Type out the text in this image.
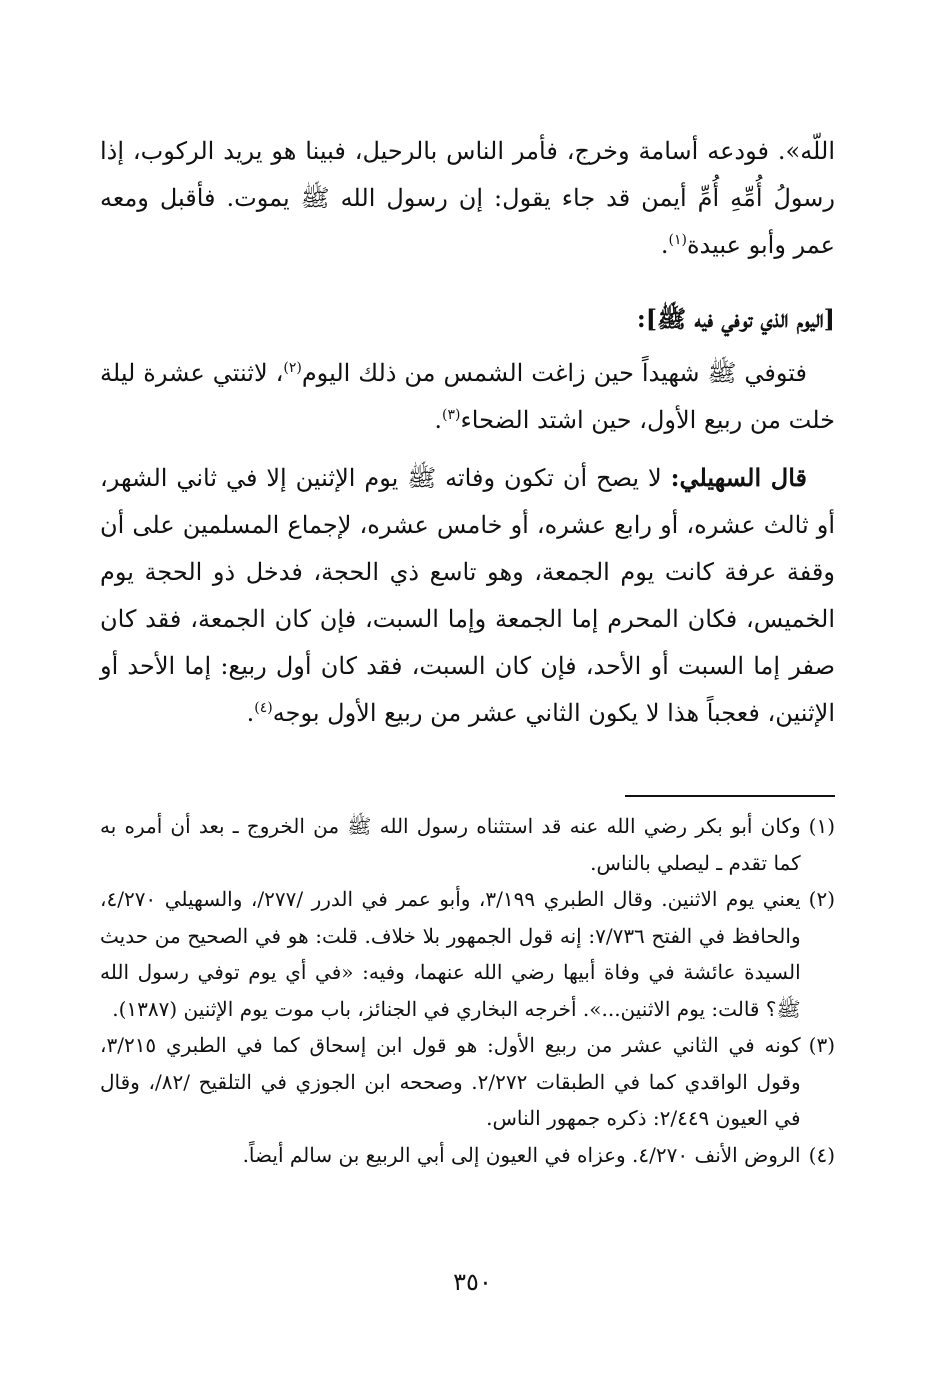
اللّه». فودعه أسامة وخرج، فأمر الناس بالرحيل، فبينا هو يريد الركوب، إذا رسولُ أُمِّهِ أُمِّ أيمن قد جاء يقول: إن رسول الله ﷺ يموت. فأقبل ومعه عمر وأبو عبيدة$^{(١)}$.

[اليوم الذي توفي فيه ﷺ]:

فتوفي ﷺ شهيداً حين زاغت الشمس من ذلك اليوم$^{(٢)}$، لاثنتي عشرة ليلة خلت من ربيع الأول، حين اشتد الضحاء$^{(٣)}$.

قال السهيلي: لا يصح أن تكون وفاته ﷺ يوم الإثنين إلا في ثاني الشهر، أو ثالث عشره، أو رابع عشره، أو خامس عشره، لإجماع المسلمين على أن وقفة عرفة كانت يوم الجمعة، وهو تاسع ذي الحجة، فدخل ذو الحجة يوم الخميس، فكان المحرم إما الجمعة وإما السبت، فإن كان الجمعة، فقد كان صفر إما السبت أو الأحد، فإن كان السبت، فقد كان أول ربيع: إما الأحد أو الإثنين، فعجباً هذا لا يكون الثاني عشر من ربيع الأول بوجه$^{(٤)}$.

(١)
وكان أبو بكر رضي الله عنه قد استثناه رسول الله ﷺ من الخروج ـ بعد أن أمره به كما تقدم ـ ليصلي بالناس.
(٢)
يعني يوم الاثنين. وقال الطبري ٣/١٩٩، وأبو عمر في الدرر /٢٧٧/، والسهيلي ٤/٢٧٠، والحافظ في الفتح ٧/٧٣٦: إنه قول الجمهور بلا خلاف. قلت: هو في الصحيح من حديث السيدة عائشة في وفاة أبيها رضي الله عنهما، وفيه: «في أي يوم توفي رسول الله ﷺ؟ قالت: يوم الاثنين...». أخرجه البخاري في الجنائز، باب موت يوم الإثنين (١٣٨٧).
(٣)
كونه في الثاني عشر من ربيع الأول: هو قول ابن إسحاق كما في الطبري ٣/٢١٥، وقول الواقدي كما في الطبقات ٢/٢٧٢. وصححه ابن الجوزي في التلقيح /٨٢/، وقال في العيون ٢/٤٤٩: ذكره جمهور الناس.
(٤)
الروض الأنف ٤/٢٧٠. وعزاه في العيون إلى أبي الربيع بن سالم أيضاً.
٣٥٠
